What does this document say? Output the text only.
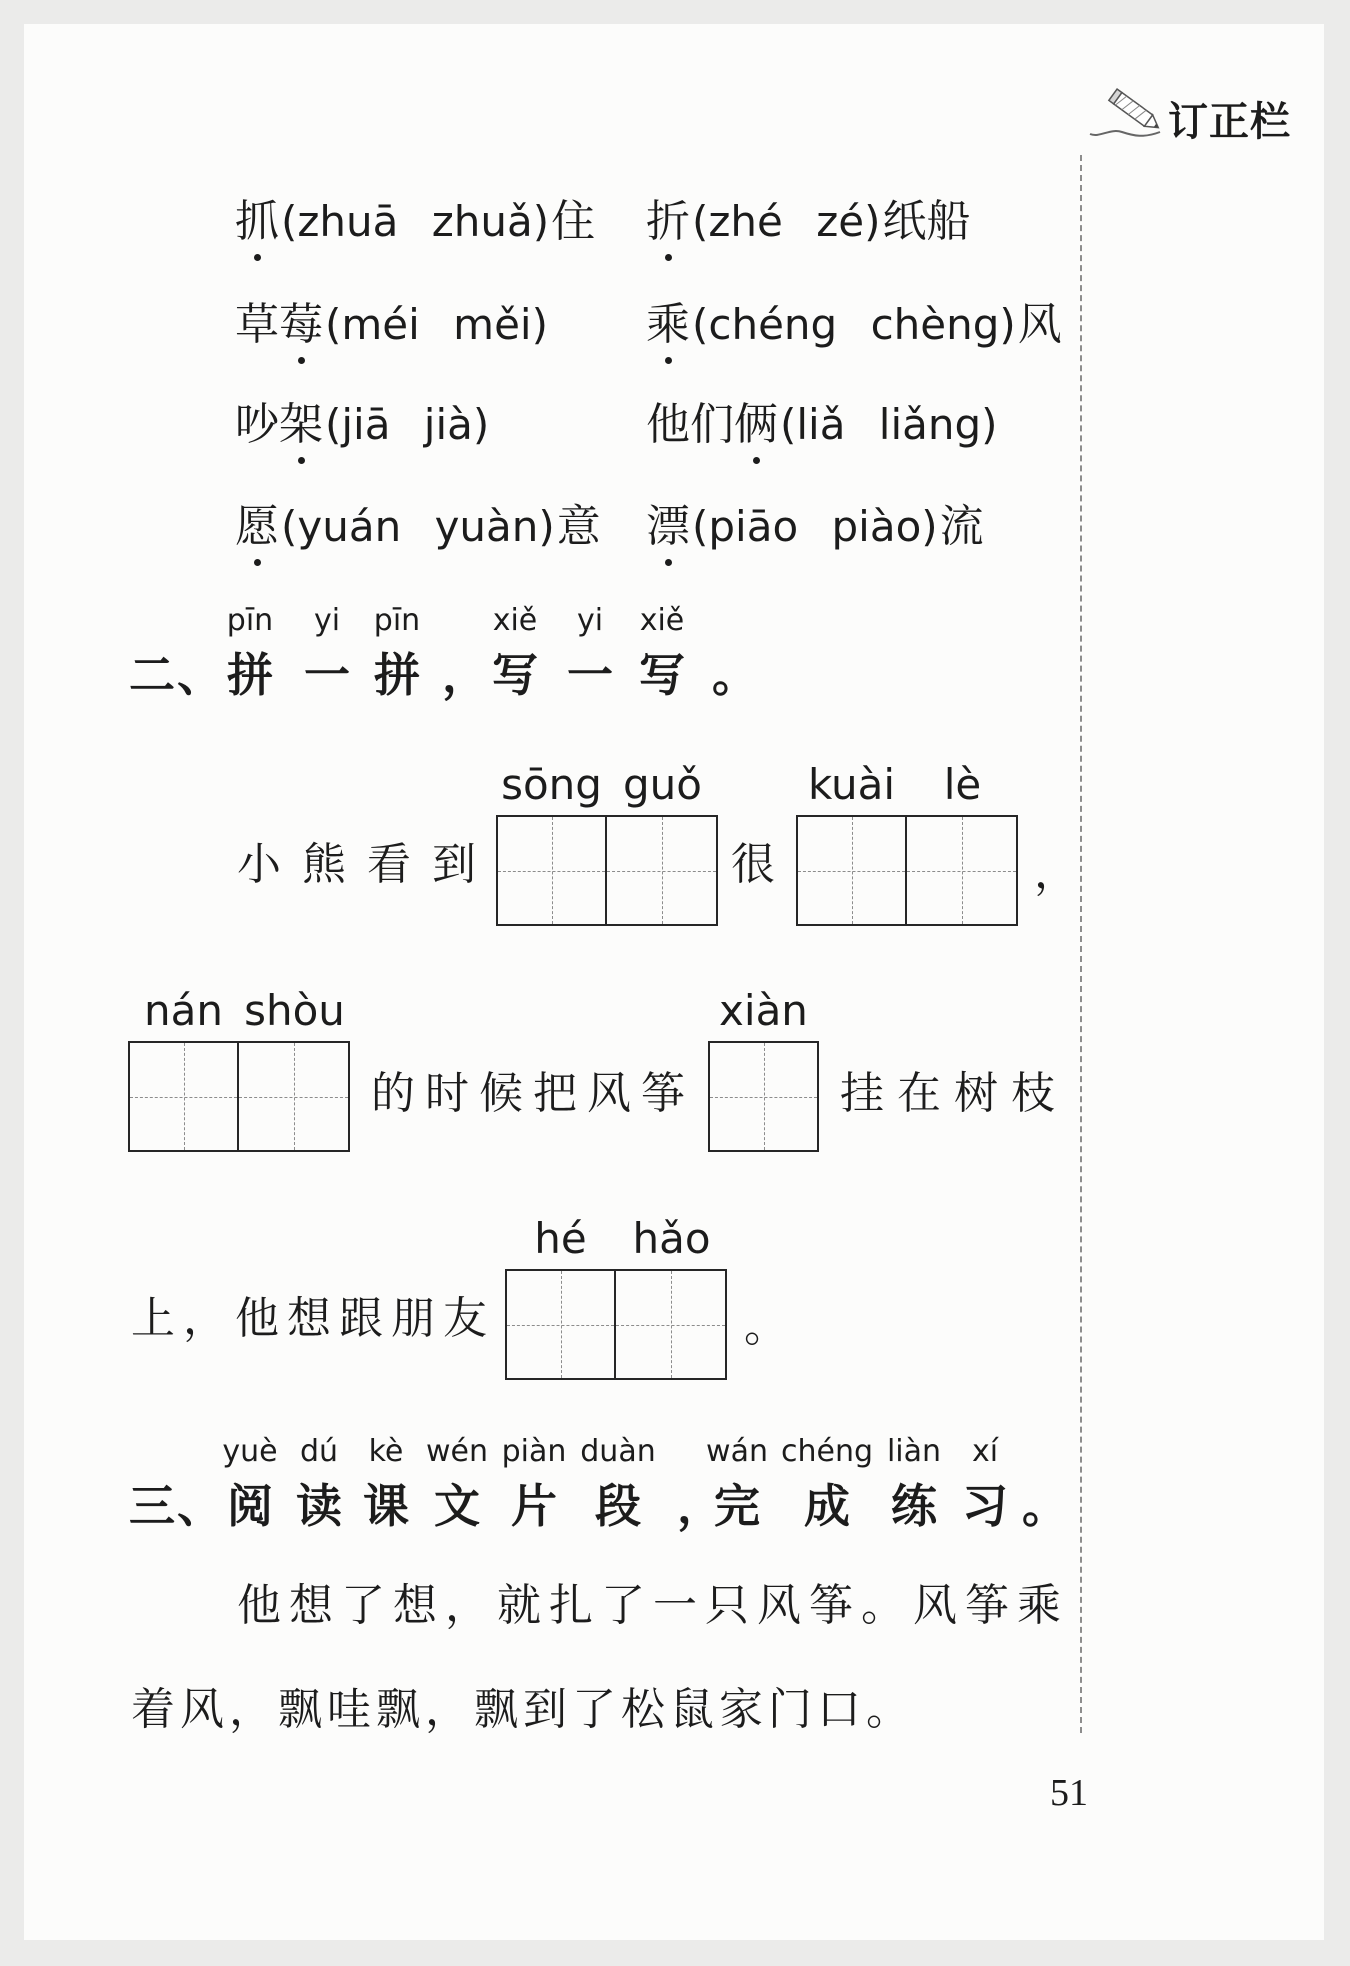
订正栏
抓(zhuā zhuǎ)住 折(zhé zé)纸船
草莓(méi měi) 乘(chéng chèng)风
吵架(jiā jià)	他们俩(liǎ liǎng)
愿(yuán yuàn)意 漂(piāo piào)流
二 、
pīn
拼
yi
一
pīn
拼 ，
xiě
写
yi
一
xiě
写 。
小熊看到
sōng guǒ
很
kuài	lè
，
nán shòu
的时候把风筝
xiàn
挂在树枝
上，他想跟朋友
hé	hǎo
。
三 、
yuè
阅
dú
读
kè
课
wén
文
piàn
片
duàn
段 ，
wán
完
chéng
成
liàn
练
xí
习 。
他想了想，就扎了一只风筝。风筝乘
着风，飘哇飘，飘到了松鼠家门口。
51
